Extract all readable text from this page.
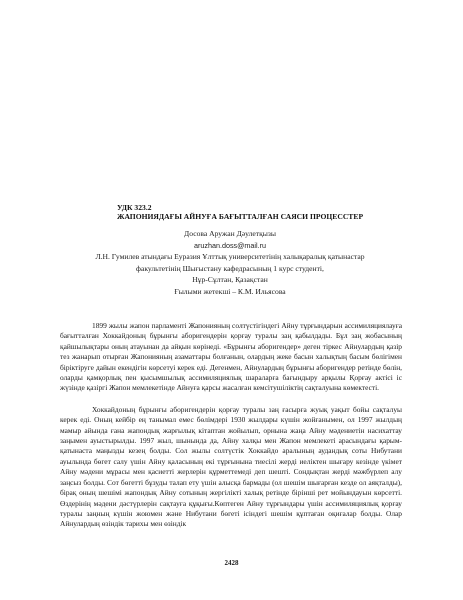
УДК 323.2
ЖАПОНИЯДАҒЫ АЙНУҒА БАҒЫТТАЛҒАН САЯСИ ПРОЦЕССТЕР
Досова Аружан Дәулетқызы
aruzhan.doss@mail.ru
Л.Н. Гумилев атындағы Еуразия Ұлттық университетінің халықаралық қатынастар
факультетінің Шығыстану кафедрасының 1 курс студенті,
Нұр-Сұлтан, Қазақстан
Ғылыми жетекші – К.М. Ильясова

1899 жылы жапон парламенті Жапонияның солтүстігіндегі Айну тұрғындарын ассимиляциялауға бағытталған Хоккайдоның бұрынғы аборигендерін қорғау туралы заң қабылдады. Бұл заң жобасының қайшылықтары оның атауынан да айқын көрінеді. «Бұрынғы аборигендер» деген тіркес Айнулардың қазір тез жанарып отырған Жапонияның азаматтары болғанын, олардың жеке басын халықтың басым бөлігімен біріктіруге дайын екендігін көрсетуі керек еді. Дегенмен, Айнулардың бұрынғы аборигендер ретінде бөлін, оларды қамқорлық пен қысымшылық ассимиляциялық шараларға бағындыру арқылы Қорғау актісі іс жүзінде қазіргі Жапон мемлекетінде Айнуға қарсы жасалған кемсітушіліктің сақталуына көмектесті.

Хоккайдоның бұрынғы аборигендерін қорғау туралы заң ғасырға жуық уақыт бойы сақталуы керек еді. Оның кейбір ең танымал емес бөлімдері 1930 жылдары күшін жойғанымен, ол 1997 жылдың мамыр айында ғана жапондық жарғылық кітаптан жойылып, орнына жаңа Айну мәдениетін насихаттау заңымен ауыстырылды. 1997 жыл, шынында да, Айну халқы мен Жапон мемлекеті арасындағы қарым-қатынаста маңызды кезең болды. Сол жылы солтүстік Хоккайдо аралының аудандық соты Нибутани ауылында бөгет салу үшін Айну қаласының екі тұрғынына тиесілі жерді иеліктен шығару кезінде үкімет Айну мәдени мұрасы мен қасиетті жерлерін құрметтемеді деп шешті. Сондықтан жерді мәжбүрлеп алу заңсыз болды. Сот бөгетті бұзуды талап ету үшін алысқа бармады (ол шешім шығарған кезде ол аяқталды), бірақ оның шешімі жапондық Айну сотының жергілікті халық ретінде бірінші рет мойындауын көрсетті. Өздерінің мәдени дәстүрлерін сақтауға құқығы.Көптеген Айну тұрғындары үшін ассимиляциялық қорғау туралы заңның күшін жоюмен және Нибутани бөгеті ісіндегі шешім құптаған оқиғалар болды. Олар Айнулардың өзіндік тарихы мен өзіндік

2428
